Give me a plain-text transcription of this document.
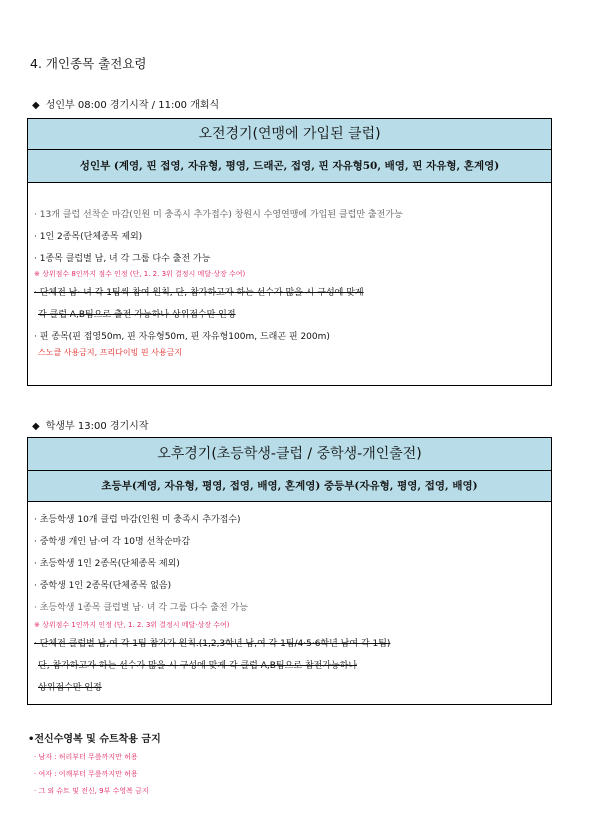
4. 개인종목 출전요령
◆ 성인부 08:00 경기시작 / 11:00 개회식
오전경기(연맹에 가입된 클럽)
성인부 (계영, 핀 접영, 자유형, 평영, 드래곤, 접영, 핀 자유형50, 배영, 핀 자유형, 혼계영)
· 13개 클럽 선착순 마감(인원 미 충족시 추가접수) 창원시 수영연맹에 가입된 클럽만 출전가능
· 1인 2종목(단체종목 제외)
· 1종목 클럽별 남, 녀 각 그룹 다수 출전 가능
※ 상위점수 8인까지 점수 인정 (단, 1. 2. 3위 결정시 메달·상장 수여)
· 단체전 남· 녀 각 1팀씩 참여 원칙, 단, 참가하고자 하는 선수가 많을 시 구성에 맞게
각 클럽 A,B팀으로 출전 가능하나 상위점수만 인정
· 핀 종목(핀 접영50m, 핀 자유형50m, 핀 자유형100m, 드래곤 핀 200m)
스노클 사용금지, 프리다이빙 핀 사용금지
◆ 학생부 13:00 경기시작
오후경기(초등학생-클럽 / 중학생-개인출전)
초등부(계영, 자유형, 평영, 접영, 배영, 혼계영) 중등부(자유형, 평영, 접영, 배영)
· 초등학생 10개 클럽 마감(인원 미 충족시 추가접수)
· 중학생 개인 남·여 각 10명 선착순마감
· 초등학생 1인 2종목(단체종목 제외)
· 중학생 1인 2종목(단체종목 없음)
· 초등학생 1종목 클럽별 남· 녀 각 그룹 다수 출전 가능
※ 상위점수 1인까지 인정 (단, 1. 2. 3위 결정시 메달·상장 수여)
· 단체전 클럽별 남,여 각 1팀 참가가 원칙.(1,2,3학년 남,여 각 1팀/4·5·6학년 남여 각 1팀)
단, 참가하고자 하는 선수가 많을 시 구성에 맞게 각 클럽 A,B팀으로 참전가능하나
상위점수만 인정
•전신수영복 및 슈트착용 금지
· 남자 : 허리부터 무릎까지만 허용
· 여자 : 어깨부터 무릎까지만 허용
· 그 외 슈트 및 전신, 9부 수영복 금지
